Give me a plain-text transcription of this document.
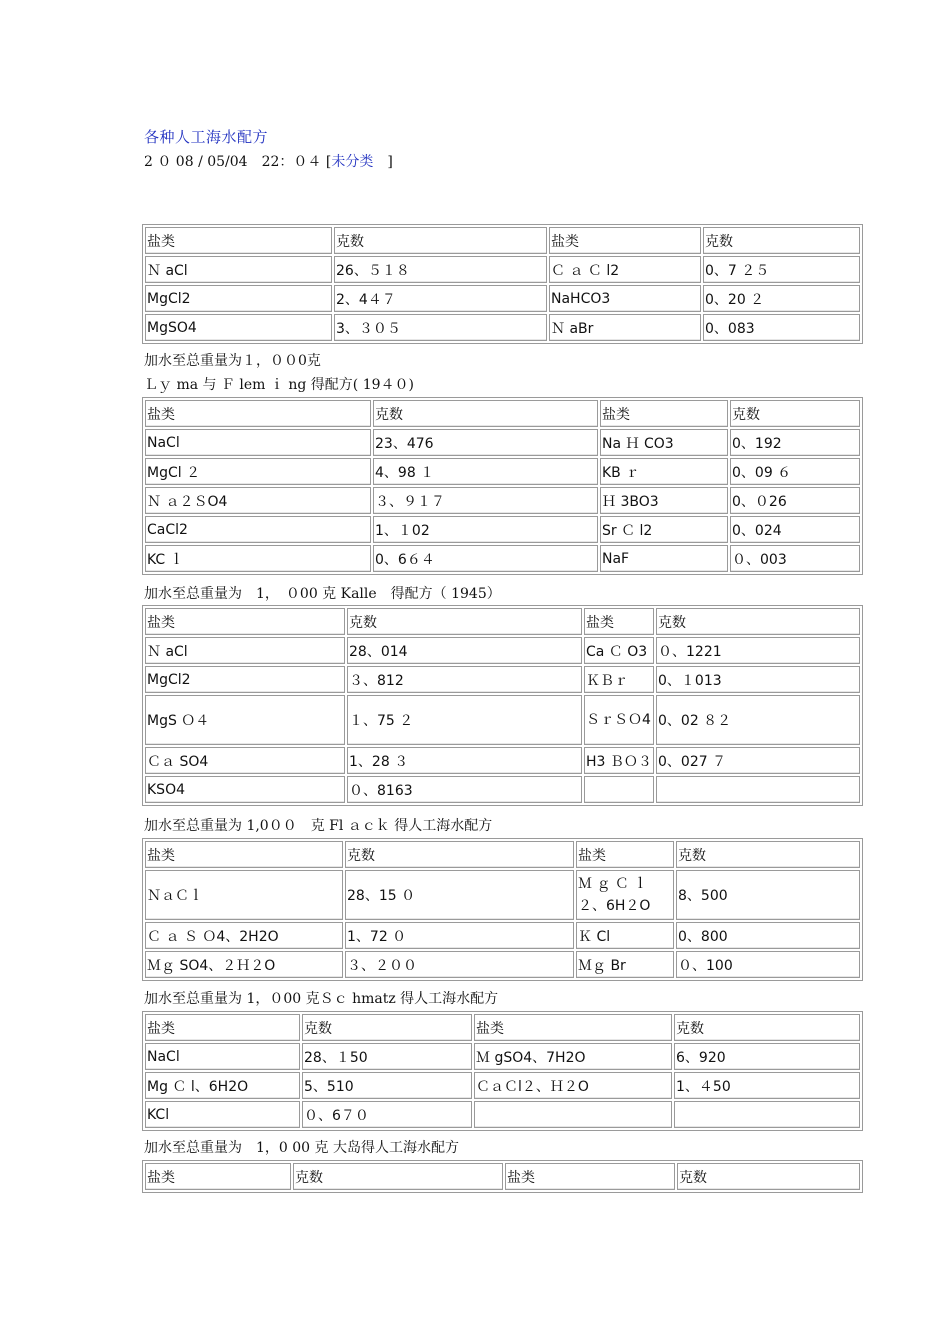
各种人工海水配方
2 ０ 08 / 05/04　22：０４ [未分类　]
盐类	克数	盐类	克数
Ｎ aCl	26、５１８	Ｃ ａ Ｃ l2	0、7 ２５
MgCl2	2、4４７	NaHCO3	0、20 ２
MgSO4	3、３０５	Ｎ aBr	0、083
加水至总重量为１，００0克
Ｌｙ ma 与 Ｆ lem ｉ ng 得配方( 19４０)
盐类	克数	盐类	克数
NaCl	23、476	Na Ｈ CO3	0、192
MgCl ２	4、98 １	KB ｒ	0、09 ６
Ｎ ａ２ＳO4	３、９１７	Ｈ 3BO3	0、０26
CaCl2	1、１02	Sr Ｃ l2	0、024
KC ｌ	0、6６４	NaF	０、003
加水至总重量为　1，　０00 克 Kalle　得配方（ 1945）
盐类	克数	盐类	克数
Ｎ aCl	28、014	Ca Ｃ O3	０、1221
MgCl2	３、812	ＫＢｒ	0、１013
MgS Ｏ４	１、75 ２	ＳｒＳＯ4	0、02 ８２
Ｃａ SO4	1、28 ３	H3 ＢＯ３	0、027 ７
KSO4	０、8163		
加水至总重量为 1,0００　克 Fl ａｃｋ 得人工海水配方
盐类	克数	盐类	克数
ＮａＣｌ	28、15 ０	Ｍ ｇ Ｃ ｌ２、6H２O	8、500
Ｃ ａ Ｓ Ｏ4、2H2O	1、72 ０	Ｋ Cl	0、800
Ｍｇ SO4、２Ｈ２O	３、２００	Ｍｇ Br	０、100
加水至总重量为 1，０00 克Ｓｃ hmatz 得人工海水配方
盐类	克数	盐类	克数
NaCl	28、１50	Ｍ gSO4、7H2O	6、920
Mg Ｃ l、6H2O	5、510	ＣａＣl２、Ｈ２O	1、４50
KCl	０、6７０		
加水至总重量为　1，0 00 克 大岛得人工海水配方
盐类	克数	盐类	克数
